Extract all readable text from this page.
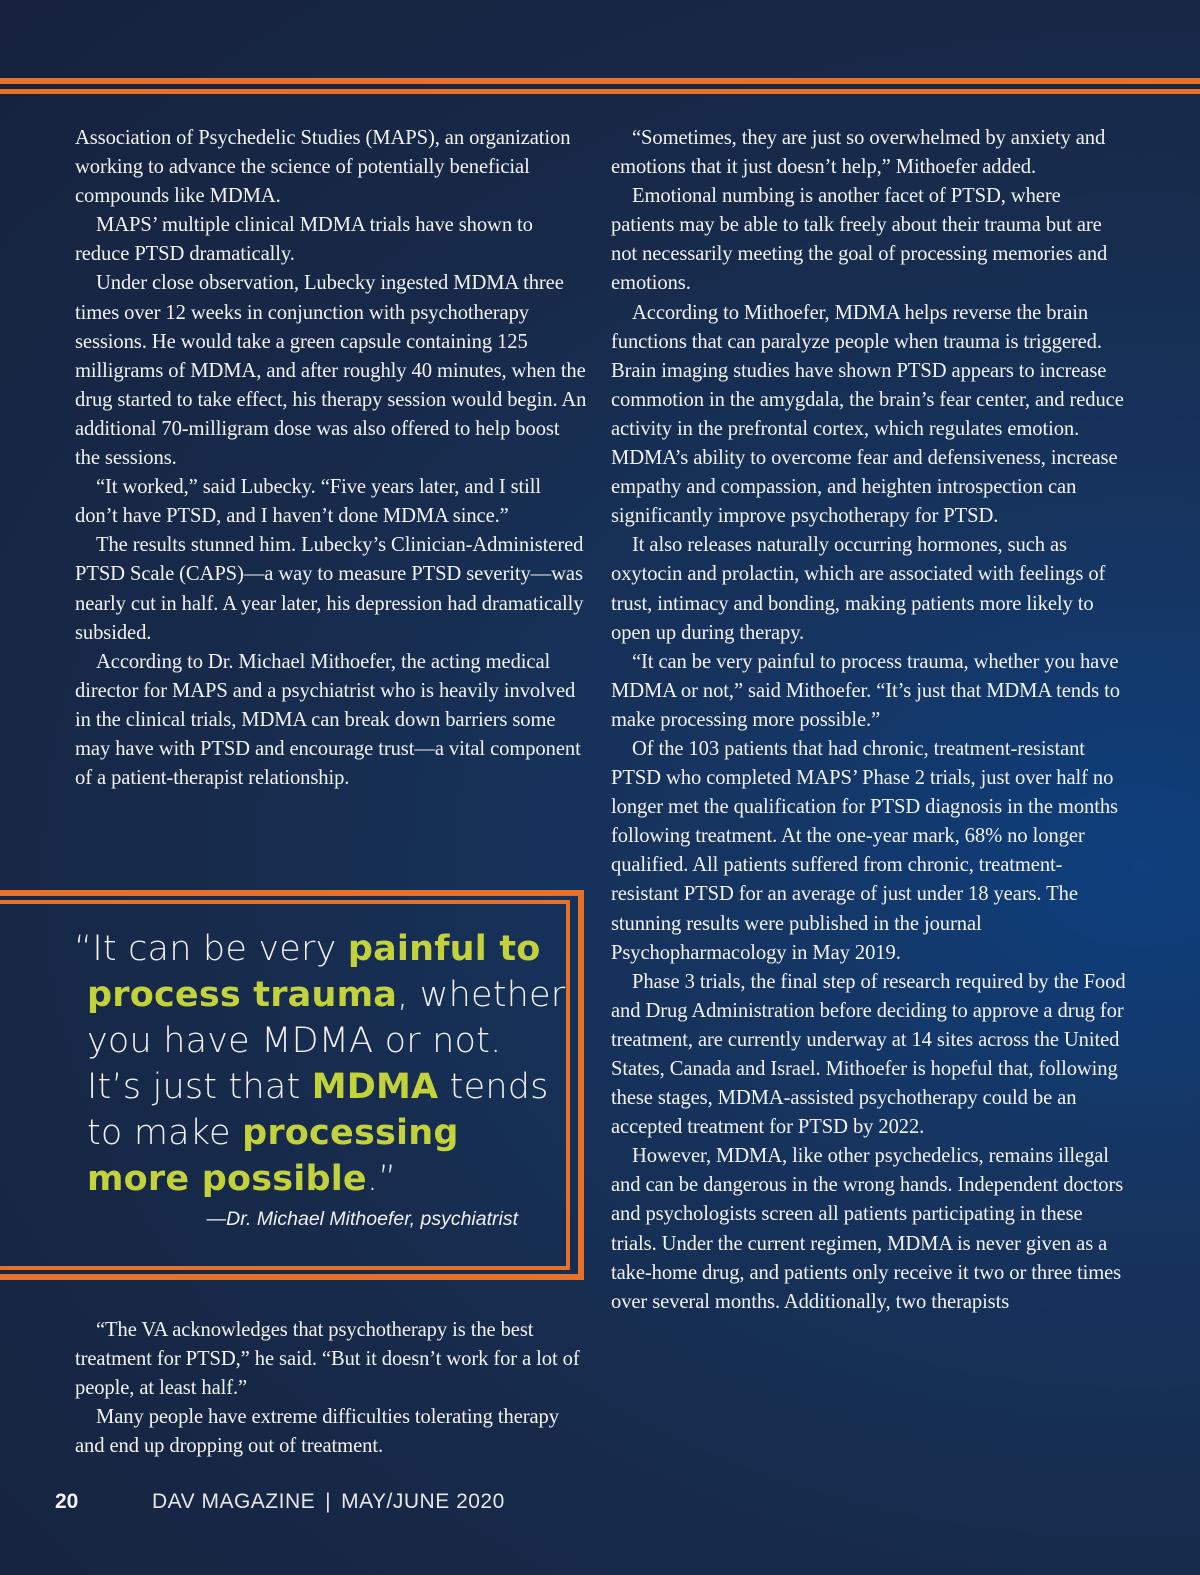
Association of Psychedelic Studies (MAPS), an organization working to advance the science of potentially beneficial compounds like MDMA.

MAPS’ multiple clinical MDMA trials have shown to reduce PTSD dramatically.

Under close observation, Lubecky ingested MDMA three times over 12 weeks in conjunction with psychotherapy sessions. He would take a green capsule containing 125 milligrams of MDMA, and after roughly 40 minutes, when the drug started to take effect, his therapy session would begin. An additional 70-milligram dose was also offered to help boost the sessions.

“It worked,” said Lubecky. “Five years later, and I still don’t have PTSD, and I haven’t done MDMA since.”

The results stunned him. Lubecky’s Clinician-Administered PTSD Scale (CAPS)—a way to measure PTSD severity—was nearly cut in half. A year later, his depression had dramatically subsided.

According to Dr. Michael Mithoefer, the acting medical director for MAPS and a psychiatrist who is heavily involved in the clinical trials, MDMA can break down barriers some may have with PTSD and encourage trust—a vital component of a patient-therapist relationship.

“It can be very painful to
process trauma, whether
you have MDMA or not.
It’s just that MDMA tends
to make processing
more possible.”
—Dr. Michael Mithoefer, psychiatrist

“The VA acknowledges that psychotherapy is the best treatment for PTSD,” he said. “But it doesn’t work for a lot of people, at least half.”

Many people have extreme difficulties tolerating therapy and end up dropping out of treatment.

“Sometimes, they are just so overwhelmed by anxiety and emotions that it just doesn’t help,” Mithoefer added.

Emotional numbing is another facet of PTSD, where patients may be able to talk freely about their trauma but are not necessarily meeting the goal of processing memories and emotions.

According to Mithoefer, MDMA helps reverse the brain functions that can paralyze people when trauma is triggered. Brain imaging studies have shown PTSD appears to increase commotion in the amygdala, the brain’s fear center, and reduce activity in the prefrontal cortex, which regulates emotion. MDMA’s ability to overcome fear and defensiveness, increase empathy and compassion, and heighten introspection can significantly improve psychotherapy for PTSD.

It also releases naturally occurring hormones, such as oxytocin and prolactin, which are associated with feelings of trust, intimacy and bonding, making patients more likely to open up during therapy.

“It can be very painful to process trauma, whether you have MDMA or not,” said Mithoefer. “It’s just that MDMA tends to make processing more possible.”

Of the 103 patients that had chronic, treatment-resistant PTSD who completed MAPS’ Phase 2 trials, just over half no longer met the qualification for PTSD diagnosis in the months following treatment. At the one-year mark, 68% no longer qualified. All patients suffered from chronic, treatment-resistant PTSD for an average of just under 18 years. The stunning results were published in the journal Psychopharmacology in May 2019.

Phase 3 trials, the final step of research required by the Food and Drug Administration before deciding to approve a drug for treatment, are currently underway at 14 sites across the United States, Canada and Israel. Mithoefer is hopeful that, following these stages, MDMA-assisted psychotherapy could be an accepted treatment for PTSD by 2022.

However, MDMA, like other psychedelics, remains illegal and can be dangerous in the wrong hands. Independent doctors and psychologists screen all patients participating in these trials. Under the current regimen, MDMA is never given as a take-home drug, and patients only receive it two or three times over several months. Additionally, two therapists

20	DAV MAGAZINE | MAY/JUNE 2020
